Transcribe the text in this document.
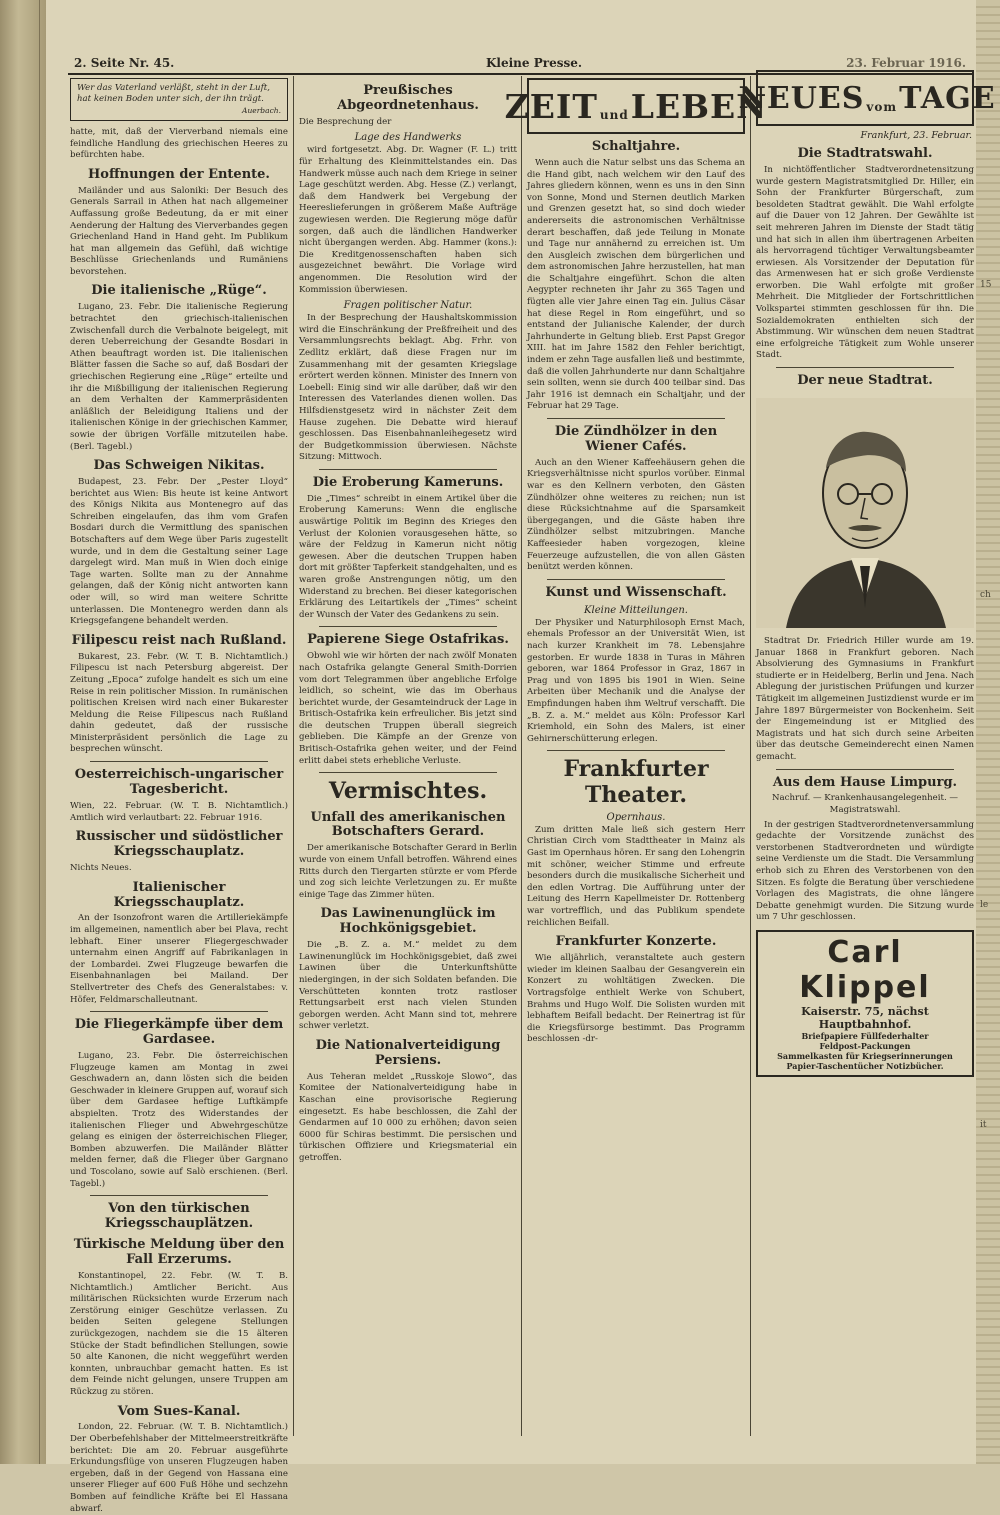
15
ch
le
it
2. Seite Nr. 45.	Kleine Presse.	23. Februar 1916.
Wer das Vaterland verläßt, steht in der Luft, hat keinen Boden unter sich, der ihn trägt.
Auerbach.

hatte, mit, daß der Vierverband niemals eine feindliche Handlung des griechischen Heeres zu befürchten habe.

Hoffnungen der Entente.

Mailänder und aus Saloniki: Der Besuch des Generals Sarrail in Athen hat nach allgemeiner Auffassung große Bedeutung, da er mit einer Aenderung der Haltung des Vierverbandes gegen Griechenland Hand in Hand geht. Im Publikum hat man allgemein das Gefühl, daß wichtige Beschlüsse Griechenlands und Rumäniens bevorstehen.

Die italienische „Rüge“.

Lugano, 23. Febr. Die italienische Regierung betrachtet den griechisch-italienischen Zwischenfall durch die Verbalnote beigelegt, mit deren Ueberreichung der Gesandte Bosdari in Athen beauftragt worden ist. Die italienischen Blätter fassen die Sache so auf, daß Bosdari der griechischen Regierung eine „Rüge“ erteilte und ihr die Mißbilligung der italienischen Regierung an dem Verhalten der Kammerpräsidenten anläßlich der Beleidigung Italiens und der italienischen Könige in der griechischen Kammer, sowie der übrigen Vorfälle mitzuteilen habe. (Berl. Tagebl.)

Das Schweigen Nikitas.

Budapest, 23. Febr. Der „Pester Lloyd“ berichtet aus Wien: Bis heute ist keine Antwort des Königs Nikita aus Montenegro auf das Schreiben eingelaufen, das ihm vom Grafen Bosdari durch die Vermittlung des spanischen Botschafters auf dem Wege über Paris zugestellt wurde, und in dem die Gestaltung seiner Lage dargelegt wird. Man muß in Wien doch einige Tage warten. Sollte man zu der Annahme gelangen, daß der König nicht antworten kann oder will, so wird man weitere Schritte unterlassen. Die Montenegro werden dann als Kriegsgefangene behandelt werden.

Filipescu reist nach Rußland.

Bukarest, 23. Febr. (W. T. B. Nichtamtlich.) Filipescu ist nach Petersburg abgereist. Der Zeitung „Epoca“ zufolge handelt es sich um eine Reise in rein politischer Mission. In rumänischen politischen Kreisen wird nach einer Bukarester Meldung die Reise Filipescus nach Rußland dahin gedeutet, daß der russische Ministerpräsident persönlich die Lage zu besprechen wünscht.

Oesterreichisch-ungarischer Tagesbericht.

Wien, 22. Februar. (W. T. B. Nichtamtlich.) Amtlich wird verlautbart: 22. Februar 1916.

Russischer und südöstlicher Kriegsschauplatz.

Nichts Neues.

Italienischer Kriegsschauplatz.

An der Isonzofront waren die Artilleriekämpfe im allgemeinen, namentlich aber bei Plava, recht lebhaft. Einer unserer Fliegergeschwader unternahm einen Angriff auf Fabrikanlagen in der Lombardei. Zwei Flugzeuge bewarfen die Eisenbahnanlagen bei Mailand. Der Stellvertreter des Chefs des Generalstabes: v. Höfer, Feldmarschalleutnant.

Die Fliegerkämpfe über dem Gardasee.

Lugano, 23. Febr. Die österreichischen Flugzeuge kamen am Montag in zwei Geschwadern an, dann lösten sich die beiden Geschwader in kleinere Gruppen auf, worauf sich über dem Gardasee heftige Luftkämpfe abspielten. Trotz des Widerstandes der italienischen Flieger und Abwehrgeschütze gelang es einigen der österreichischen Flieger, Bomben abzuwerfen. Die Mailänder Blätter melden ferner, daß die Flieger über Gargnano und Toscolano, sowie auf Salò erschienen. (Berl. Tagebl.)

Von den türkischen Kriegsschauplätzen.
Türkische Meldung über den Fall Erzerums.

Konstantinopel, 22. Febr. (W. T. B. Nichtamtlich.) Amtlicher Bericht. Aus militärischen Rücksichten wurde Erzerum nach Zerstörung einiger Geschütze verlassen. Zu beiden Seiten gelegene Stellungen zurückgezogen, nachdem sie die 15 älteren Stücke der Stadt befindlichen Stellungen, sowie 50 alte Kanonen, die nicht weggeführt werden konnten, unbrauchbar gemacht hatten. Es ist dem Feinde nicht gelungen, unsere Truppen am Rückzug zu stören.

Vom Sues-Kanal.

London, 22. Februar. (W. T. B. Nichtamtlich.) Der Oberbefehlshaber der Mittelmeerstreitkräfte berichtet: Die am 20. Februar ausgeführte Erkundungsflüge von unseren Flugzeugen haben ergeben, daß in der Gegend von Hassana eine unserer Flieger auf 600 Fuß Höhe und sechzehn Bomben auf feindliche Kräfte bei El Hassana abwarf.

Preußisches Abgeordnetenhaus.

Die Besprechung der

Lage des Handwerks

wird fortgesetzt. Abg. Dr. Wagner (F. L.) tritt für Erhaltung des Kleinmittelstandes ein. Das Handwerk müsse auch nach dem Kriege in seiner Lage geschützt werden. Abg. Hesse (Z.) verlangt, daß dem Handwerk bei Vergebung der Heereslieferungen in größerem Maße Aufträge zugewiesen werden. Die Regierung möge dafür sorgen, daß auch die ländlichen Handwerker nicht übergangen werden. Abg. Hammer (kons.): Die Kreditgenossenschaften haben sich ausgezeichnet bewährt. Die Vorlage wird angenommen. Die Resolution wird der Kommission überwiesen.

Fragen politischer Natur.

In der Besprechung der Haushaltskommission wird die Einschränkung der Preßfreiheit und des Versammlungsrechts beklagt. Abg. Frhr. von Zedlitz erklärt, daß diese Fragen nur im Zusammenhang mit der gesamten Kriegslage erörtert werden können. Minister des Innern von Loebell: Einig sind wir alle darüber, daß wir den Interessen des Vaterlandes dienen wollen. Das Hilfsdienstgesetz wird in nächster Zeit dem Hause zugehen. Die Debatte wird hierauf geschlossen. Das Eisenbahnanleihegesetz wird der Budgetkommission überwiesen. Nächste Sitzung: Mittwoch.

Die Eroberung Kameruns.

Die „Times“ schreibt in einem Artikel über die Eroberung Kameruns: Wenn die englische auswärtige Politik im Beginn des Krieges den Verlust der Kolonien vorausgesehen hätte, so wäre der Feldzug in Kamerun nicht nötig gewesen. Aber die deutschen Truppen haben dort mit größter Tapferkeit standgehalten, und es waren große Anstrengungen nötig, um den Widerstand zu brechen. Bei dieser kategorischen Erklärung des Leitartikels der „Times“ scheint der Wunsch der Vater des Gedankens zu sein.

Papierene Siege Ostafrikas.

Obwohl wie wir hörten der nach zwölf Monaten nach Ostafrika gelangte General Smith-Dorrien vom dort Telegrammen über angebliche Erfolge leidlich, so scheint, wie das im Oberhaus berichtet wurde, der Gesamteindruck der Lage in Britisch-Ostafrika kein erfreulicher. Bis jetzt sind die deutschen Truppen überall siegreich geblieben. Die Kämpfe an der Grenze von Britisch-Ostafrika gehen weiter, und der Feind erlitt dabei stets erhebliche Verluste.

Vermischtes.
Unfall des amerikanischen Botschafters Gerard.

Der amerikanische Botschafter Gerard in Berlin wurde von einem Unfall betroffen. Während eines Ritts durch den Tiergarten stürzte er vom Pferde und zog sich leichte Verletzungen zu. Er mußte einige Tage das Zimmer hüten.

Das Lawinenunglück im Hochkönigsgebiet.

Die „B. Z. a. M.“ meldet zu dem Lawinenunglück im Hochkönigsgebiet, daß zwei Lawinen über die Unterkunftshütte niedergingen, in der sich Soldaten befanden. Die Verschütteten konnten trotz rastloser Rettungsarbeit erst nach vielen Stunden geborgen werden. Acht Mann sind tot, mehrere schwer verletzt.

Die Nationalverteidigung Persiens.

Aus Teheran meldet „Russkoje Slowo“, das Komitee der Nationalverteidigung habe in Kaschan eine provisorische Regierung eingesetzt. Es habe beschlossen, die Zahl der Gendarmen auf 10 000 zu erhöhen; davon seien 6000 für Schiras bestimmt. Die persischen und türkischen Offiziere und Kriegsmaterial ein getroffen.

ZEIT und LEBEN
Schaltjahre.

Wenn auch die Natur selbst uns das Schema an die Hand gibt, nach welchem wir den Lauf des Jahres gliedern können, wenn es uns in den Sinn von Sonne, Mond und Sternen deutlich Marken und Grenzen gesetzt hat, so sind doch wieder andererseits die astronomischen Verhältnisse derart beschaffen, daß jede Teilung in Monate und Tage nur annähernd zu erreichen ist. Um den Ausgleich zwischen dem bürgerlichen und dem astronomischen Jahre herzustellen, hat man die Schaltjahre eingeführt. Schon die alten Aegypter rechneten ihr Jahr zu 365 Tagen und fügten alle vier Jahre einen Tag ein. Julius Cäsar hat diese Regel in Rom eingeführt, und so entstand der Julianische Kalender, der durch Jahrhunderte in Geltung blieb. Erst Papst Gregor XIII. hat im Jahre 1582 den Fehler berichtigt, indem er zehn Tage ausfallen ließ und bestimmte, daß die vollen Jahrhunderte nur dann Schaltjahre sein sollten, wenn sie durch 400 teilbar sind. Das Jahr 1916 ist demnach ein Schaltjahr, und der Februar hat 29 Tage.

Die Zündhölzer in den Wiener Cafés.

Auch an den Wiener Kaffeehäusern gehen die Kriegsverhältnisse nicht spurlos vorüber. Einmal war es den Kellnern verboten, den Gästen Zündhölzer ohne weiteres zu reichen; nun ist diese Rücksichtnahme auf die Sparsamkeit übergegangen, und die Gäste haben ihre Zündhölzer selbst mitzubringen. Manche Kaffeesieder haben vorgezogen, kleine Feuerzeuge aufzustellen, die von allen Gästen benützt werden können.

Kunst und Wissenschaft.
Kleine Mitteilungen.

Der Physiker und Naturphilosoph Ernst Mach, ehemals Professor an der Universität Wien, ist nach kurzer Krankheit im 78. Lebensjahre gestorben. Er wurde 1838 in Turas in Mähren geboren, war 1864 Professor in Graz, 1867 in Prag und von 1895 bis 1901 in Wien. Seine Arbeiten über Mechanik und die Analyse der Empfindungen haben ihm Weltruf verschafft. Die „B. Z. a. M.“ meldet aus Köln: Professor Karl Kriemhold, ein Sohn des Malers, ist einer Gehirnerschütterung erlegen.

Frankfurter Theater.
Opernhaus.

Zum dritten Male ließ sich gestern Herr Christian Circh vom Stadttheater in Mainz als Gast im Opernhaus hören. Er sang den Lohengrin mit schöner, weicher Stimme und erfreute besonders durch die musikalische Sicherheit und den edlen Vortrag. Die Aufführung unter der Leitung des Herrn Kapellmeister Dr. Rottenberg war vortrefflich, und das Publikum spendete reichlichen Beifall.

Frankfurter Konzerte.

Wie alljährlich, veranstaltete auch gestern wieder im kleinen Saalbau der Gesangverein ein Konzert zu wohltätigen Zwecken. Die Vortragsfolge enthielt Werke von Schubert, Brahms und Hugo Wolf. Die Solisten wurden mit lebhaftem Beifall bedacht. Der Reinertrag ist für die Kriegsfürsorge bestimmt. Das Programm beschlossen -dr-

NEUES vom TAGE
Frankfurt, 23. Februar.
Die Stadtratswahl.

In nichtöffentlicher Stadtverordnetensitzung wurde gestern Magistratsmitglied Dr. Hiller, ein Sohn der Frankfurter Bürgerschaft, zum besoldeten Stadtrat gewählt. Die Wahl erfolgte auf die Dauer von 12 Jahren. Der Gewählte ist seit mehreren Jahren im Dienste der Stadt tätig und hat sich in allen ihm übertragenen Arbeiten als hervorragend tüchtiger Verwaltungsbeamter erwiesen. Als Vorsitzender der Deputation für das Armenwesen hat er sich große Verdienste erworben. Die Wahl erfolgte mit großer Mehrheit. Die Mitglieder der Fortschrittlichen Volkspartei stimmten geschlossen für ihn. Die Sozialdemokraten enthielten sich der Abstimmung. Wir wünschen dem neuen Stadtrat eine erfolgreiche Tätigkeit zum Wohle unserer Stadt.

Der neue Stadtrat.

Stadtrat Dr. Friedrich Hiller wurde am 19. Januar 1868 in Frankfurt geboren. Nach Absolvierung des Gymnasiums in Frankfurt studierte er in Heidelberg, Berlin und Jena. Nach Ablegung der juristischen Prüfungen und kurzer Tätigkeit im allgemeinen Justizdienst wurde er im Jahre 1897 Bürgermeister von Bockenheim. Seit der Eingemeindung ist er Mitglied des Magistrats und hat sich durch seine Arbeiten über das deutsche Gemeinderecht einen Namen gemacht.

Aus dem Hause Limpurg.

Nachruf. — Krankenhausangelegenheit. — Magistratswahl.

In der gestrigen Stadtverordnetenversammlung gedachte der Vorsitzende zunächst des verstorbenen Stadtverordneten und würdigte seine Verdienste um die Stadt. Die Versammlung erhob sich zu Ehren des Verstorbenen von den Sitzen. Es folgte die Beratung über verschiedene Vorlagen des Magistrats, die ohne längere Debatte genehmigt wurden. Die Sitzung wurde um 7 Uhr geschlossen.

Carl Klippel
Kaiserstr. 75, nächst Hauptbahnhof.
Briefpapiere Füllfederhalter
Feldpost-Packungen
Sammelkasten für Kriegserinnerungen
Papier-Taschentücher Notizbücher.
